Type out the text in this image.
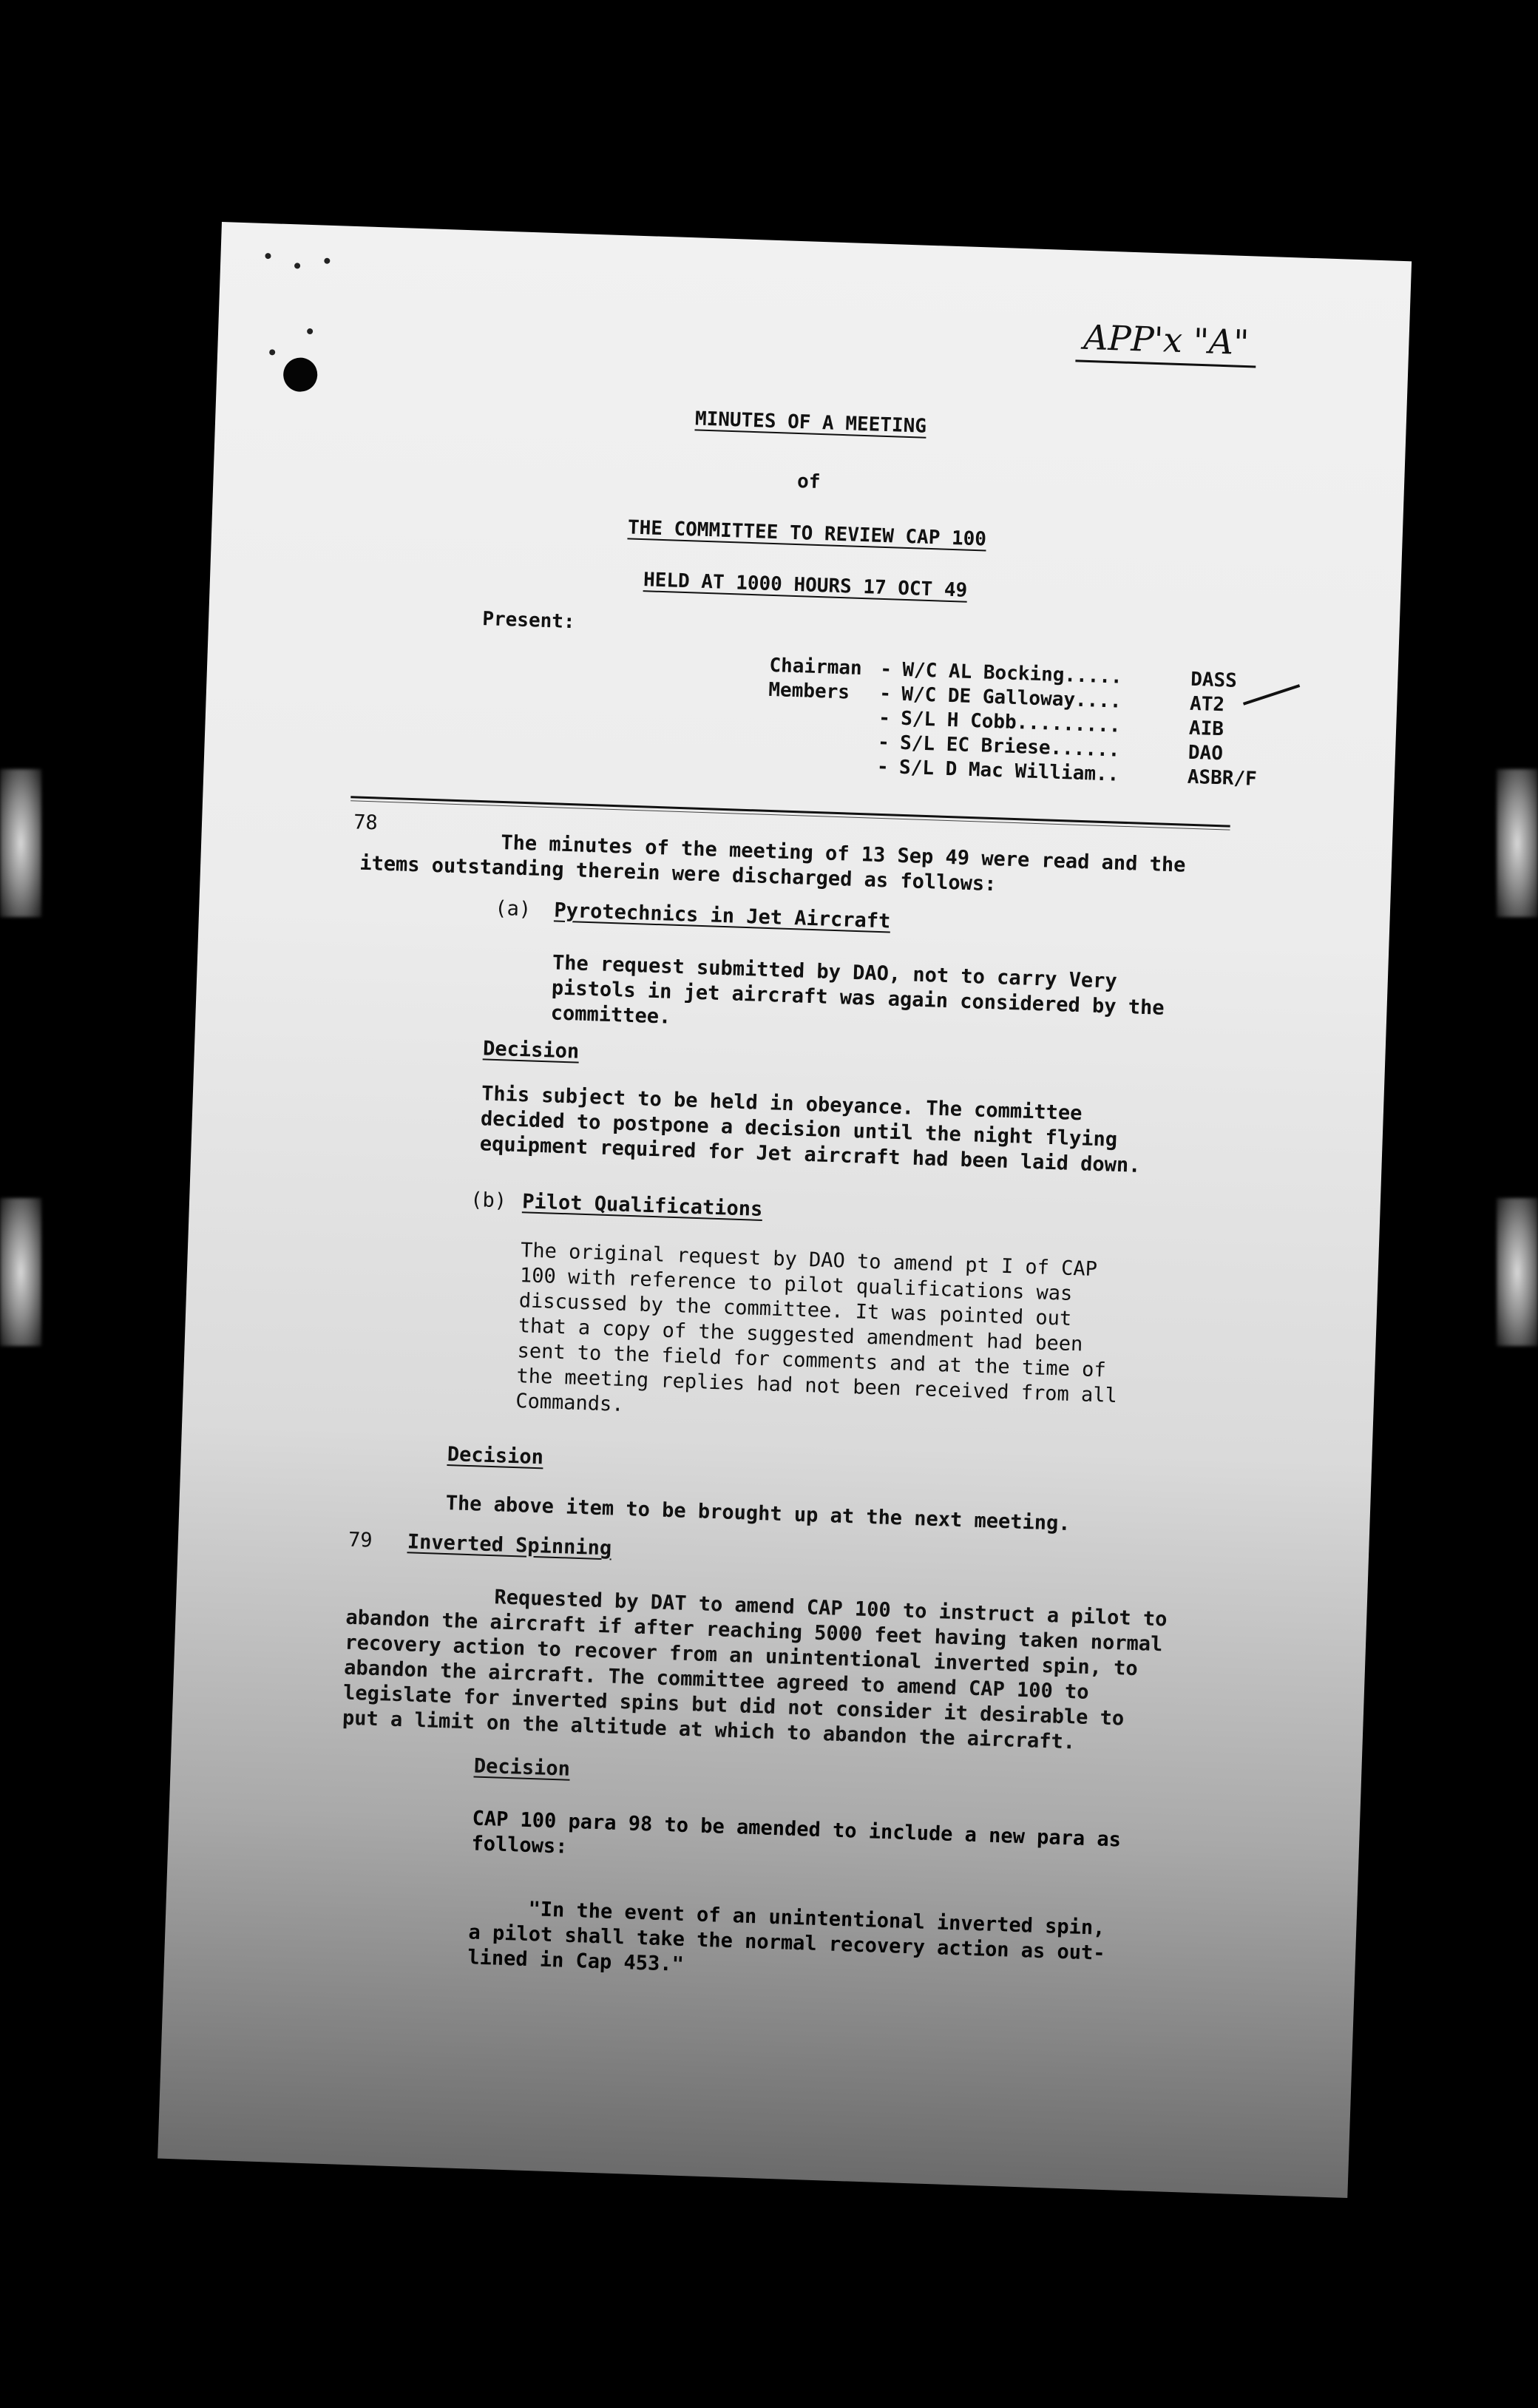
APP'x "A"
MINUTES OF A MEETING
of
THE COMMITTEE TO REVIEW CAP 100
HELD AT 1000 HOURS 17 OCT 49
Present:
Chairman - W/C AL Bocking.....	DASS
Members	- W/C DE Galloway....	AT2
- S/L H Cobb.........	AIB
- S/L EC Briese......	DAO
- S/L D Mac William..	ASBR/F
78
The minutes of the meeting of 13 Sep 49 were read and the
items outstanding therein were discharged as follows:
(a) Pyrotechnics in Jet Aircraft
The request submitted by DAO, not to carry Very
pistols in jet aircraft was again considered by the
committee.
Decision
This subject to be held in obeyance. The committee
decided to postpone a decision until the night flying
equipment required for Jet aircraft had been laid down.
(b) Pilot Qualifications
The original request by DAO to amend pt I of CAP
100 with reference to pilot qualifications was
discussed by the committee. It was pointed out
that a copy of the suggested amendment had been
sent to the field for comments and at the time of
the meeting replies had not been received from all
Commands.
Decision
The above item to be brought up at the next meeting.
79 Inverted Spinning
Requested by DAT to amend CAP 100 to instruct a pilot to
abandon the aircraft if after reaching 5000 feet having taken normal
recovery action to recover from an unintentional inverted spin, to
abandon the aircraft. The committee agreed to amend CAP 100 to
legislate for inverted spins but did not consider it desirable to
put a limit on the altitude at which to abandon the aircraft.
Decision
CAP 100 para 98 to be amended to include a new para as
follows:
"In the event of an unintentional inverted spin,
a pilot shall take the normal recovery action as out-
lined in Cap 453."
